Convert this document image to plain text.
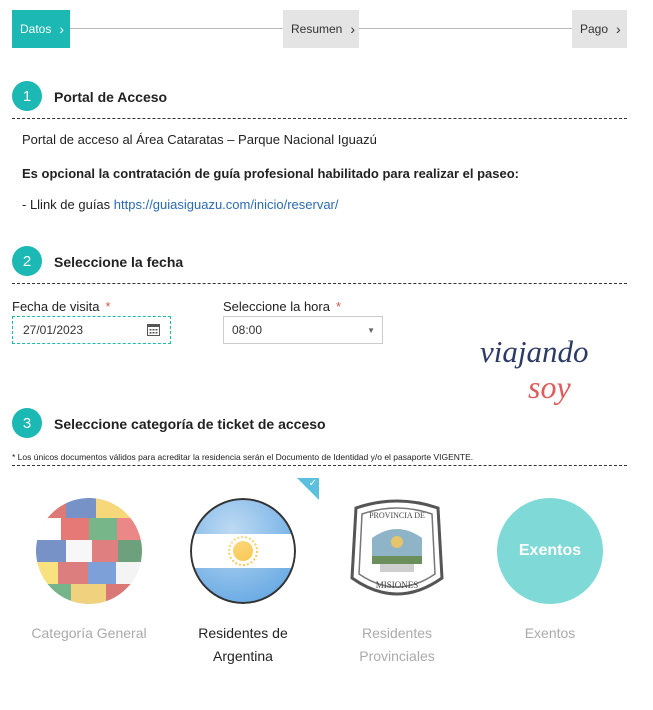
Datos ›	Resumen ›	Pago ›
1	Portal de Acceso
Portal de acceso al Área Cataratas – Parque Nacional Iguazú
Es opcional la contratación de guía profesional habilitado para realizar el paseo:
- Llink de guías https://guiasiguazu.com/inicio/reservar/
2	Seleccione la fecha
Fecha de visita *
27/01/2023
Seleccione la hora *
08:00	▼
viajando
soy
3	Seleccione categoría de ticket de acceso
* Los únicos documentos válidos para acreditar la residencia serán el Documento de Identidad y/o el pasaporte VIGENTE.
Categoría General	Residentes de
Argentina
✓
PROVINCIA DE
MISIONES
Residentes
Provinciales
Exentos
Exentos
